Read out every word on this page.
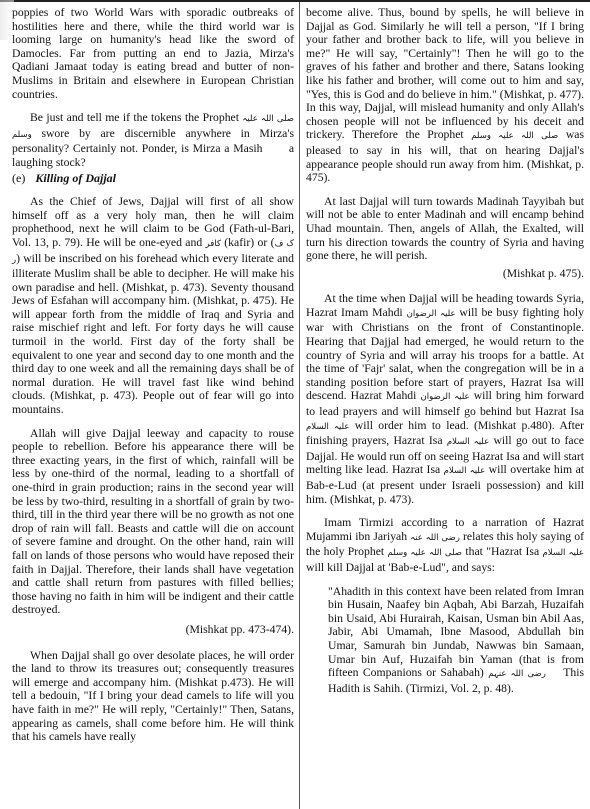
poppies of two World Wars with sporadic outbreaks of hostilities here and there, while the third world war is looming large on humanity's head like the sword of Damocles. Far from putting an end to Jazia, Mirza's Qadiani Jamaat today is eating bread and butter of non-Muslims in Britain and elsewhere in European Christian countries.

Be just and tell me if the tokens the Prophet صلی اللہ علیہ وسلم swore by are discernible anywhere in Mirza's personality? Certainly not. Ponder, is Mirza a Masih a laughing stock?

(e) Killing of Dajjal

As the Chief of Jews, Dajjal will first of all show himself off as a very holy man, then he will claim prophethood, next he will claim to be God (Fath-ul-Bari, Vol. 13, p. 79). He will be one-eyed and کافر (kafir) or (ک ف ر) will be inscribed on his forehead which every literate and illiterate Muslim shall be able to decipher. He will make his own paradise and hell. (Mishkat, p. 473). Seventy thousand Jews of Esfahan will accompany him. (Mishkat, p. 475). He will appear forth from the middle of Iraq and Syria and raise mischief right and left. For forty days he will cause turmoil in the world. First day of the forty shall be equivalent to one year and second day to one month and the third day to one week and all the remaining days shall be of normal duration. He will travel fast like wind behind clouds. (Mishkat, p. 473). People out of fear will go into mountains.

Allah will give Dajjal leeway and capacity to rouse people to rebellion. Before his appearance there will be three exacting years, in the first of which, rainfall will be less by one-third of the normal, leading to a shortfall of one-third in grain production; rains in the second year will be less by two-third, resulting in a shortfall of grain by two-third, till in the third year there will be no growth as not one drop of rain will fall. Beasts and cattle will die on account of severe famine and drought. On the other hand, rain will fall on lands of those persons who would have reposed their faith in Dajjal. Therefore, their lands shall have vegetation and cattle shall return from pastures with filled bellies; those having no faith in him will be indigent and their cattle destroyed.

(Mishkat pp. 473-474).

When Dajjal shall go over desolate places, he will order the land to throw its treasures out; consequently treasures will emerge and accompany him. (Mishkat p.473). He will tell a bedouin, "If I bring your dead camels to life will you have faith in me?" He will reply, "Certainly!" Then, Satans, appearing as camels, shall come before him. He will think that his camels have really

become alive. Thus, bound by spells, he will believe in Dajjal as God. Similarly he will tell a person, "If I bring your father and brother back to life, will you believe in me?" He will say, "Certainly"! Then he will go to the graves of his father and brother and there, Satans looking like his father and brother, will come out to him and say, "Yes, this is God and do believe in him." (Mishkat, p. 477). In this way, Dajjal, will mislead humanity and only Allah's chosen people will not be influenced by his deceit and trickery. Therefore the Prophet صلی اللہ علیہ وسلم was pleased to say in his will, that on hearing Dajjal's appearance people should run away from him. (Mishkat, p. 475).

At last Dajjal will turn towards Madinah Tayyibah but will not be able to enter Madinah and will encamp behind Uhad mountain. Then, angels of Allah, the Exalted, will turn his direction towards the country of Syria and having gone there, he will perish.

(Mishkat p. 475).

At the time when Dajjal will be heading towards Syria, Hazrat Imam Mahdi علیہ الرضوان will be busy fighting holy war with Christians on the front of Constantinople. Hearing that Dajjal had emerged, he would return to the country of Syria and will array his troops for a battle. At the time of 'Fajr' salat, when the congregation will be in a standing position before start of prayers, Hazrat Isa will descend. Hazrat Mahdi علیہ الرضوان will bring him forward to lead prayers and will himself go behind but Hazrat Isa علیہ السلام will order him to lead. (Mishkat p.480). After finishing prayers, Hazrat Isa علیہ السلام will go out to face Dajjal. He would run off on seeing Hazrat Isa and will start melting like lead. Hazrat Isa علیہ السلام will overtake him at Bab-e-Lud (at present under Israeli possession) and kill him. (Mishkat, p. 473).

Imam Tirmizi according to a narration of Hazrat Mujammi ibn Jariyah رضی اللہ عنہ relates this holy saying of the holy Prophet صلی اللہ علیہ وسلم that "Hazrat Isa علیہ السلام will kill Dajjal at 'Bab-e-Lud", and says:

"Ahadith in this context have been related from Imran bin Husain, Naafey bin Aqbah, Abi Barzah, Huzaifah bin Usaid, Abi Hurairah, Kaisan, Usman bin Abil Aas, Jabir, Abi Umamah, Ibne Masood, Abdullah bin Umar, Samurah bin Jundab, Nawwas bin Samaan, Umar bin Auf, Huzaifah bin Yaman (that is from fifteen Companions or Sahabah) رضی اللہ عنہم This Hadith is Sahih. (Tirmizi, Vol. 2, p. 48).
